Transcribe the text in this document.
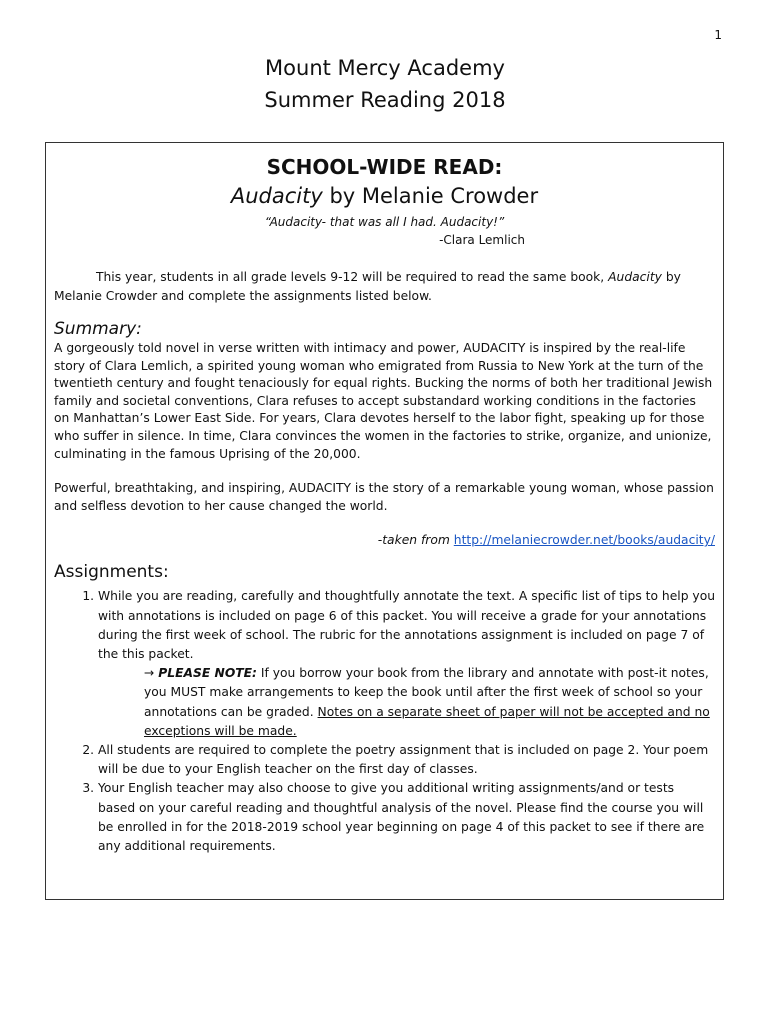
1
Mount Mercy Academy
Summer Reading 2018
SCHOOL-WIDE READ:
Audacity by Melanie Crowder
“Audacity- that was all I had. Audacity!”
-Clara Lemlich
This year, students in all grade levels 9-12 will be required to read the same book, Audacity by Melanie Crowder and complete the assignments listed below.
Summary:

A gorgeously told novel in verse written with intimacy and power, AUDACITY is inspired by the real-life story of Clara Lemlich, a spirited young woman who emigrated from Russia to New York at the turn of the twentieth century and fought tenaciously for equal rights. Bucking the norms of both her traditional Jewish family and societal conventions, Clara refuses to accept substandard working conditions in the factories on Manhattan’s Lower East Side. For years, Clara devotes herself to the labor fight, speaking up for those who suffer in silence. In time, Clara convinces the women in the factories to strike, organize, and unionize, culminating in the famous Uprising of the 20,000.

Powerful, breathtaking, and inspiring, AUDACITY is the story of a remarkable young woman, whose passion and selfless devotion to her cause changed the world.

-taken from http://melaniecrowder.net/books/audacity/
Assignments:
1. While you are reading, carefully and thoughtfully annotate the text. A specific list of tips to help you with annotations is included on page 6 of this packet. You will receive a grade for your annotations during the first week of school. The rubric for the annotations assignment is included on page 7 of the this packet.
→ PLEASE NOTE: If you borrow your book from the library and annotate with post-it notes, you MUST make arrangements to keep the book until after the first week of school so your annotations can be graded. Notes on a separate sheet of paper will not be accepted and no exceptions will be made.
2. All students are required to complete the poetry assignment that is included on page 2. Your poem will be due to your English teacher on the first day of classes.
3. Your English teacher may also choose to give you additional writing assignments/and or tests based on your careful reading and thoughtful analysis of the novel. Please find the course you will be enrolled in for the 2018-2019 school year beginning on page 4 of this packet to see if there are any additional requirements.
